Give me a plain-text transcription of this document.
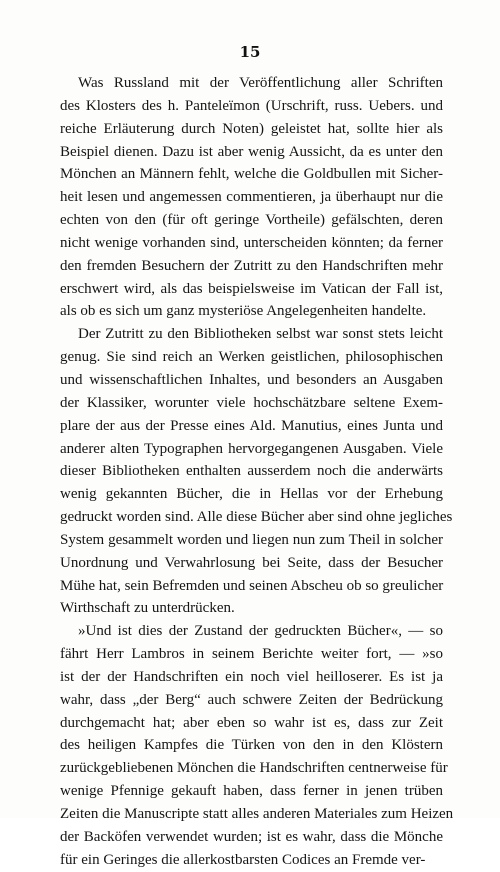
15
Was Russland mit der Veröffentlichung aller Schriften
des Klosters des h. Panteleïmon (Urschrift, russ. Uebers. und
reiche Erläuterung durch Noten) geleistet hat, sollte hier als
Beispiel dienen. Dazu ist aber wenig Aussicht, da es unter den
Mönchen an Männern fehlt, welche die Goldbullen mit Sicher-
heit lesen und angemessen commentieren, ja überhaupt nur die
echten von den (für oft geringe Vortheile) gefälschten, deren
nicht wenige vorhanden sind, unterscheiden könnten; da ferner
den fremden Besuchern der Zutritt zu den Handschriften mehr
erschwert wird, als das beispielsweise im Vatican der Fall ist,
als ob es sich um ganz mysteriöse Angelegenheiten handelte.
Der Zutritt zu den Bibliotheken selbst war sonst stets leicht
genug. Sie sind reich an Werken geistlichen, philosophischen
und wissenschaftlichen Inhaltes, und besonders an Ausgaben
der Klassiker, worunter viele hochschätzbare seltene Exem-
plare der aus der Presse eines Ald. Manutius, eines Junta und
anderer alten Typographen hervorgegangenen Ausgaben. Viele
dieser Bibliotheken enthalten ausserdem noch die anderwärts
wenig gekannten Bücher, die in Hellas vor der Erhebung
gedruckt worden sind. Alle diese Bücher aber sind ohne jegliches
System gesammelt worden und liegen nun zum Theil in solcher
Unordnung und Verwahrlosung bei Seite, dass der Besucher
Mühe hat, sein Befremden und seinen Abscheu ob so greulicher
Wirthschaft zu unterdrücken.
»Und ist dies der Zustand der gedruckten Bücher«, — so
fährt Herr Lambros in seinem Berichte weiter fort, — »so
ist der der Handschriften ein noch viel heilloserer. Es ist ja
wahr, dass „der Berg“ auch schwere Zeiten der Bedrückung
durchgemacht hat; aber eben so wahr ist es, dass zur Zeit
des heiligen Kampfes die Türken von den in den Klöstern
zurückgebliebenen Mönchen die Handschriften centnerweise für
wenige Pfennige gekauft haben, dass ferner in jenen trüben
Zeiten die Manuscripte statt alles anderen Materiales zum Heizen
der Backöfen verwendet wurden; ist es wahr, dass die Mönche
für ein Geringes die allerkostbarsten Codices an Fremde ver-
